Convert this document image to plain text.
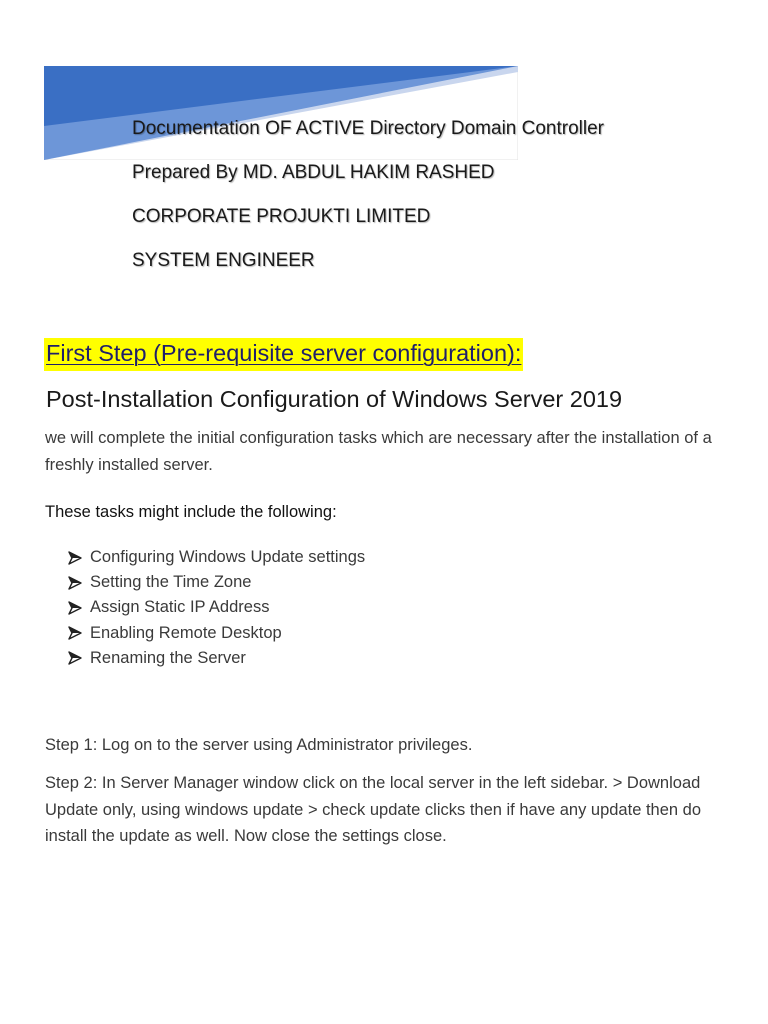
Documentation OF ACTIVE Directory Domain Controller
Prepared By MD. ABDUL HAKIM RASHED
CORPORATE PROJUKTI LIMITED
SYSTEM ENGINEER
First Step (Pre-requisite server configuration):
Post-Installation Configuration of Windows Server 2019
we will complete the initial configuration tasks which are necessary after the installation of a freshly installed server.
These tasks might include the following:
Configuring Windows Update settings
Setting the Time Zone
Assign Static IP Address
Enabling Remote Desktop
Renaming the Server
Step 1: Log on to the server using Administrator privileges.
Step 2: In Server Manager window click on the local server in the left sidebar. > Download Update only, using windows update > check update clicks then if have any update then do install the update as well. Now close the settings close.
